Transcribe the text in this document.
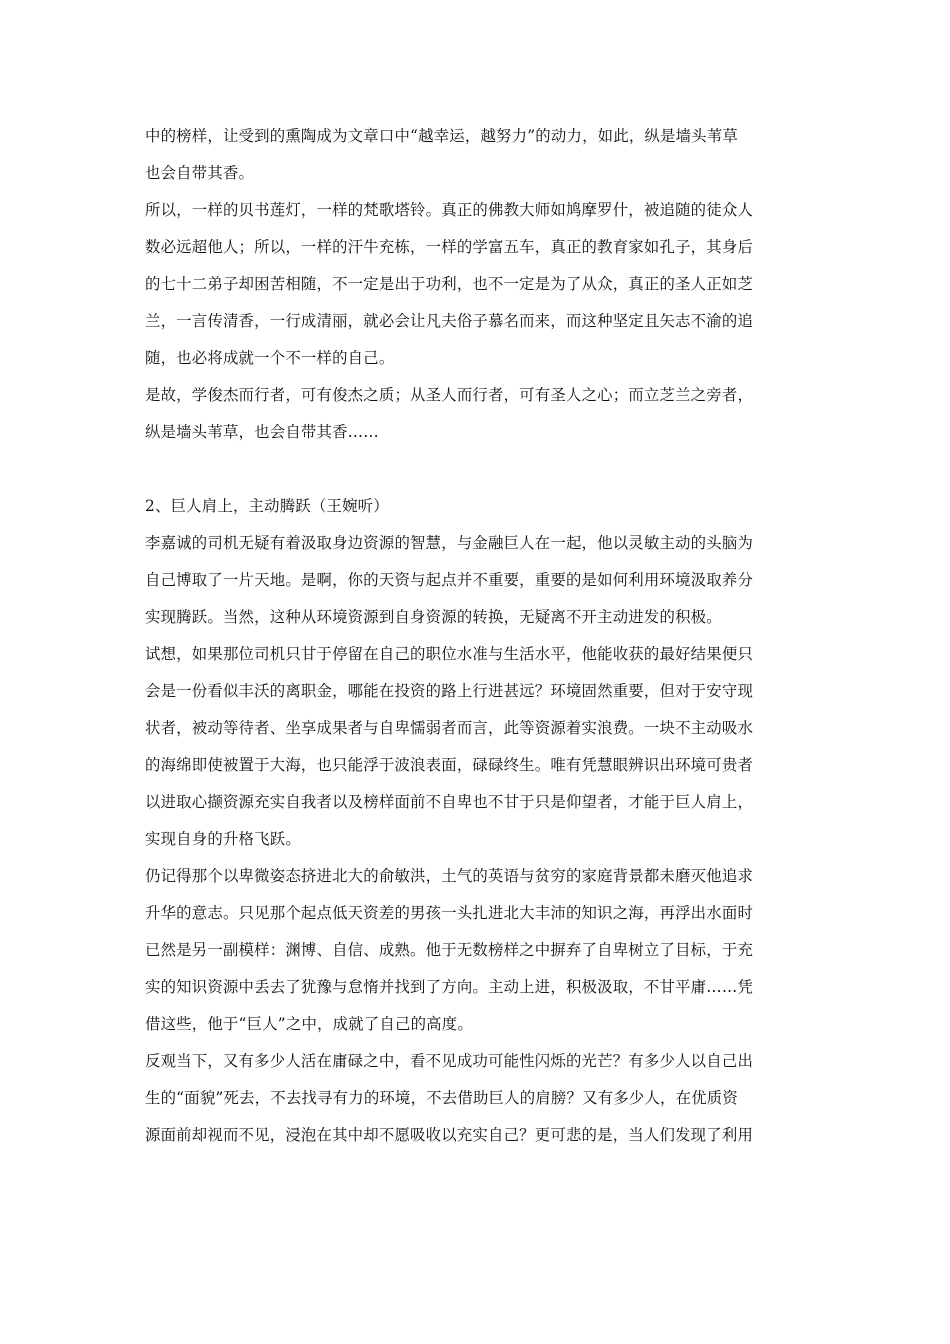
中的榜样，让受到的熏陶成为文章口中“越幸运，越努力”的动力，如此，纵是墙头苇草
也会自带其香。

所以，一样的贝书莲灯，一样的梵歌塔铃。真正的佛教大师如鸠摩罗什，被追随的徒众人
数必远超他人；所以，一样的汗牛充栋，一样的学富五车，真正的教育家如孔子，其身后
的七十二弟子却困苦相随，不一定是出于功利，也不一定是为了从众，真正的圣人正如芝
兰，一言传清香，一行成清丽，就必会让凡夫俗子慕名而来，而这种坚定且矢志不渝的追
随，也必将成就一个不一样的自己。

是故，学俊杰而行者，可有俊杰之质；从圣人而行者，可有圣人之心；而立芝兰之旁者，
纵是墙头苇草，也会自带其香……

2、巨人肩上，主动腾跃（王婉听）

李嘉诚的司机无疑有着汲取身边资源的智慧，与金融巨人在一起，他以灵敏主动的头脑为
自己博取了一片天地。是啊，你的天资与起点并不重要，重要的是如何利用环境汲取养分
实现腾跃。当然，这种从环境资源到自身资源的转换，无疑离不开主动进发的积极。

试想，如果那位司机只甘于停留在自己的职位水准与生活水平，他能收获的最好结果便只
会是一份看似丰沃的离职金，哪能在投资的路上行进甚远？环境固然重要，但对于安守现
状者，被动等待者、坐享成果者与自卑懦弱者而言，此等资源着实浪费。一块不主动吸水
的海绵即使被置于大海，也只能浮于波浪表面，碌碌终生。唯有凭慧眼辨识出环境可贵者
以进取心撷资源充实自我者以及榜样面前不自卑也不甘于只是仰望者，才能于巨人肩上，
实现自身的升格飞跃。

仍记得那个以卑微姿态挤进北大的俞敏洪，土气的英语与贫穷的家庭背景都未磨灭他追求
升华的意志。只见那个起点低天资差的男孩一头扎进北大丰沛的知识之海，再浮出水面时
已然是另一副模样：渊博、自信、成熟。他于无数榜样之中摒弃了自卑树立了目标，于充
实的知识资源中丢去了犹豫与怠惰并找到了方向。主动上进，积极汲取，不甘平庸……凭
借这些，他于“巨人”之中，成就了自己的高度。

反观当下，又有多少人活在庸碌之中，看不见成功可能性闪烁的光芒？有多少人以自己出
生的“面貌”死去，不去找寻有力的环境，不去借助巨人的肩膀？又有多少人，在优质资
源面前却视而不见，浸泡在其中却不愿吸收以充实自己？更可悲的是，当人们发现了利用
